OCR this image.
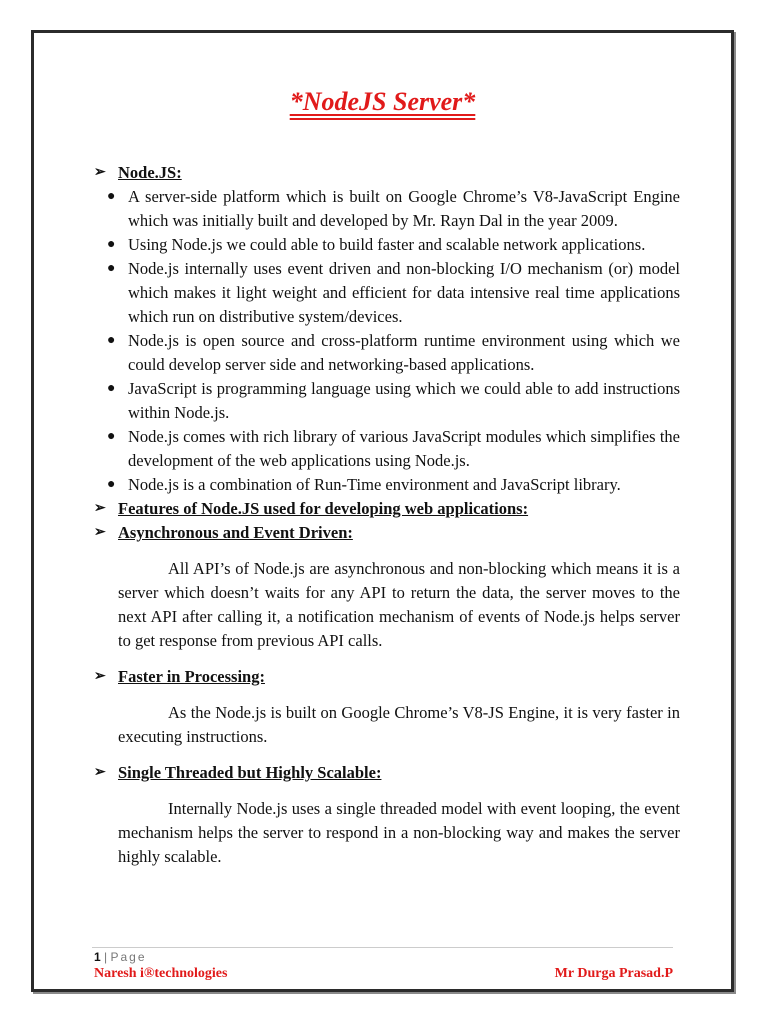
*NodeJS Server*
➢ Node.JS:
● A server-side platform which is built on Google Chrome’s V8-JavaScript Engine which was initially built and developed by Mr. Rayn Dal in the year 2009.
● Using Node.js we could able to build faster and scalable network applications.
● Node.js internally uses event driven and non-blocking I/O mechanism (or) model which makes it light weight and efficient for data intensive real time applications which run on distributive system/devices.
● Node.js is open source and cross-platform runtime environment using which we could develop server side and networking-based applications.
● JavaScript is programming language using which we could able to add instructions within Node.js.
● Node.js comes with rich library of various JavaScript modules which simplifies the development of the web applications using Node.js.
● Node.js is a combination of Run-Time environment and JavaScript library.
➢ Features of Node.JS used for developing web applications:
➢ Asynchronous and Event Driven:

All API’s of Node.js are asynchronous and non-blocking which means it is a server which doesn’t waits for any API to return the data, the server moves to the next API after calling it, a notification mechanism of events of Node.js helps server to get response from previous API calls.

➢ Faster in Processing:

As the Node.js is built on Google Chrome’s V8-JS Engine, it is very faster in executing instructions.

➢ Single Threaded but Highly Scalable:

Internally Node.js uses a single threaded model with event looping, the event mechanism helps the server to respond in a non-blocking way and makes the server highly scalable.

1 | Page
Naresh i®technologies	Mr Durga Prasad.P
